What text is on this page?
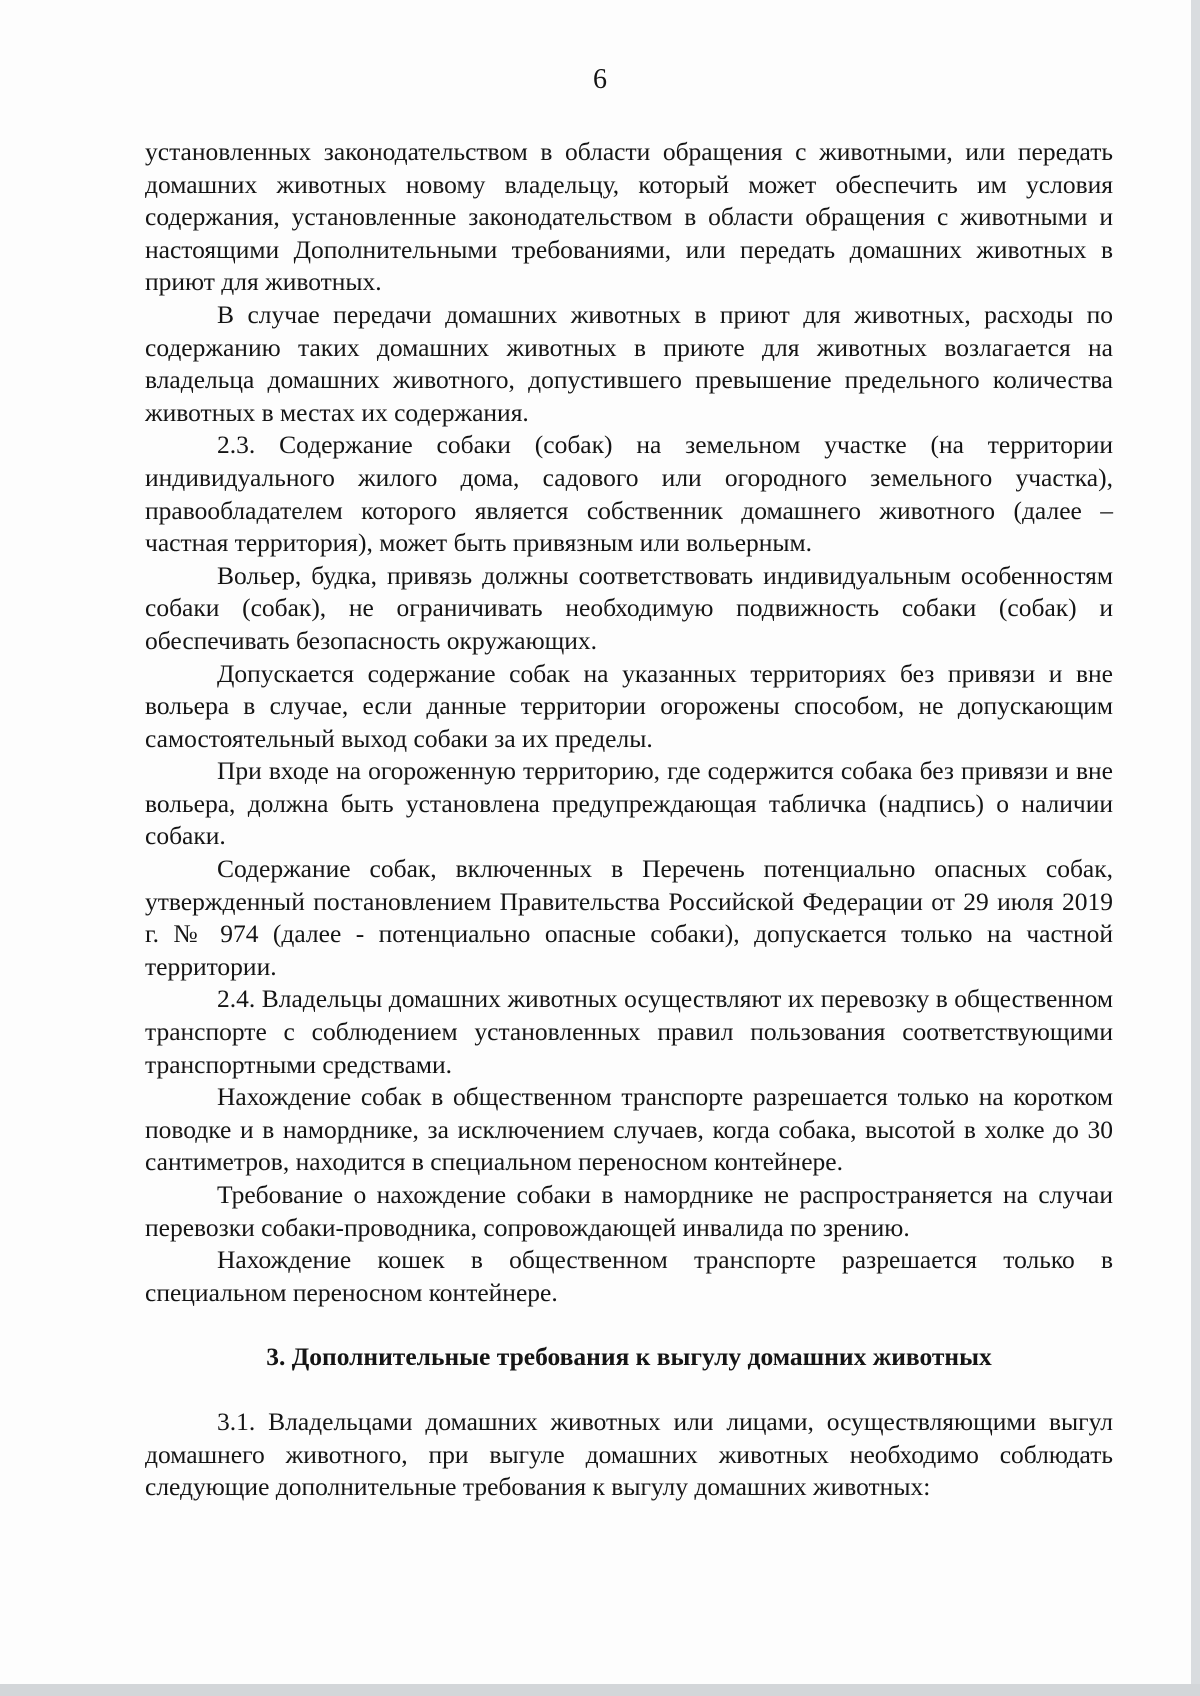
6

установленных законодательством в области обращения с животными, или передать домашних животных новому владельцу, который может обеспечить им условия содержания, установленные законодательством в области обращения с животными и настоящими Дополнительными требованиями, или передать домашних животных в приют для животных.

В случае передачи домашних животных в приют для животных, расходы по содержанию таких домашних животных в приюте для животных возлагается на владельца домашних животного, допустившего превышение предельного количества животных в местах их содержания.

2.3. Содержание собаки (собак) на земельном участке (на территории индивидуального жилого дома, садового или огородного земельного участка), правообладателем которого является собственник домашнего животного (далее – частная территория), может быть привязным или вольерным.

Вольер, будка, привязь должны соответствовать индивидуальным особенностям собаки (собак), не ограничивать необходимую подвижность собаки (собак) и обеспечивать безопасность окружающих.

Допускается содержание собак на указанных территориях без привязи и вне вольера в случае, если данные территории огорожены способом, не допускающим самостоятельный выход собаки за их пределы.

При входе на огороженную территорию, где содержится собака без привязи и вне вольера, должна быть установлена предупреждающая табличка (надпись) о наличии собаки.

Содержание собак, включенных в Перечень потенциально опасных собак, утвержденный постановлением Правительства Российской Федерации от 29 июля 2019 г. № 974 (далее - потенциально опасные собаки), допускается только на частной территории.

2.4. Владельцы домашних животных осуществляют их перевозку в общественном транспорте с соблюдением установленных правил пользования соответствующими транспортными средствами.

Нахождение собак в общественном транспорте разрешается только на коротком поводке и в наморднике, за исключением случаев, когда собака, высотой в холке до 30 сантиметров, находится в специальном переносном контейнере.

Требование о нахождение собаки в наморднике не распространяется на случаи перевозки собаки-проводника, сопровождающей инвалида по зрению.

Нахождение кошек в общественном транспорте разрешается только в специальном переносном контейнере.

3. Дополнительные требования к выгулу домашних животных

3.1. Владельцами домашних животных или лицами, осуществляющими выгул домашнего животного, при выгуле домашних животных необходимо соблюдать следующие дополнительные требования к выгулу домашних животных:
